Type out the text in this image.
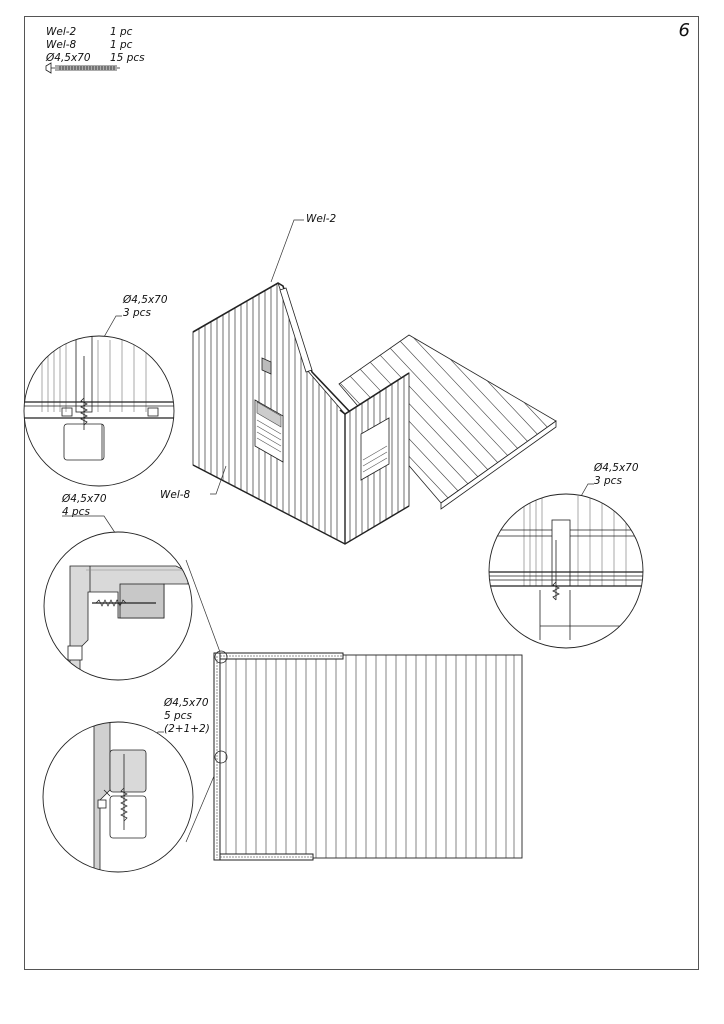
6
Wel-2	1 pc
Wel-8	1 pc
Ø4,5x70 15 pcs
Wel-2
Wel-8
Ø4,5x70
3 pcs
Ø4,5x70
3 pcs
Ø4,5x70
4 pcs
Ø4,5x70
5 pcs
(2+1+2)
